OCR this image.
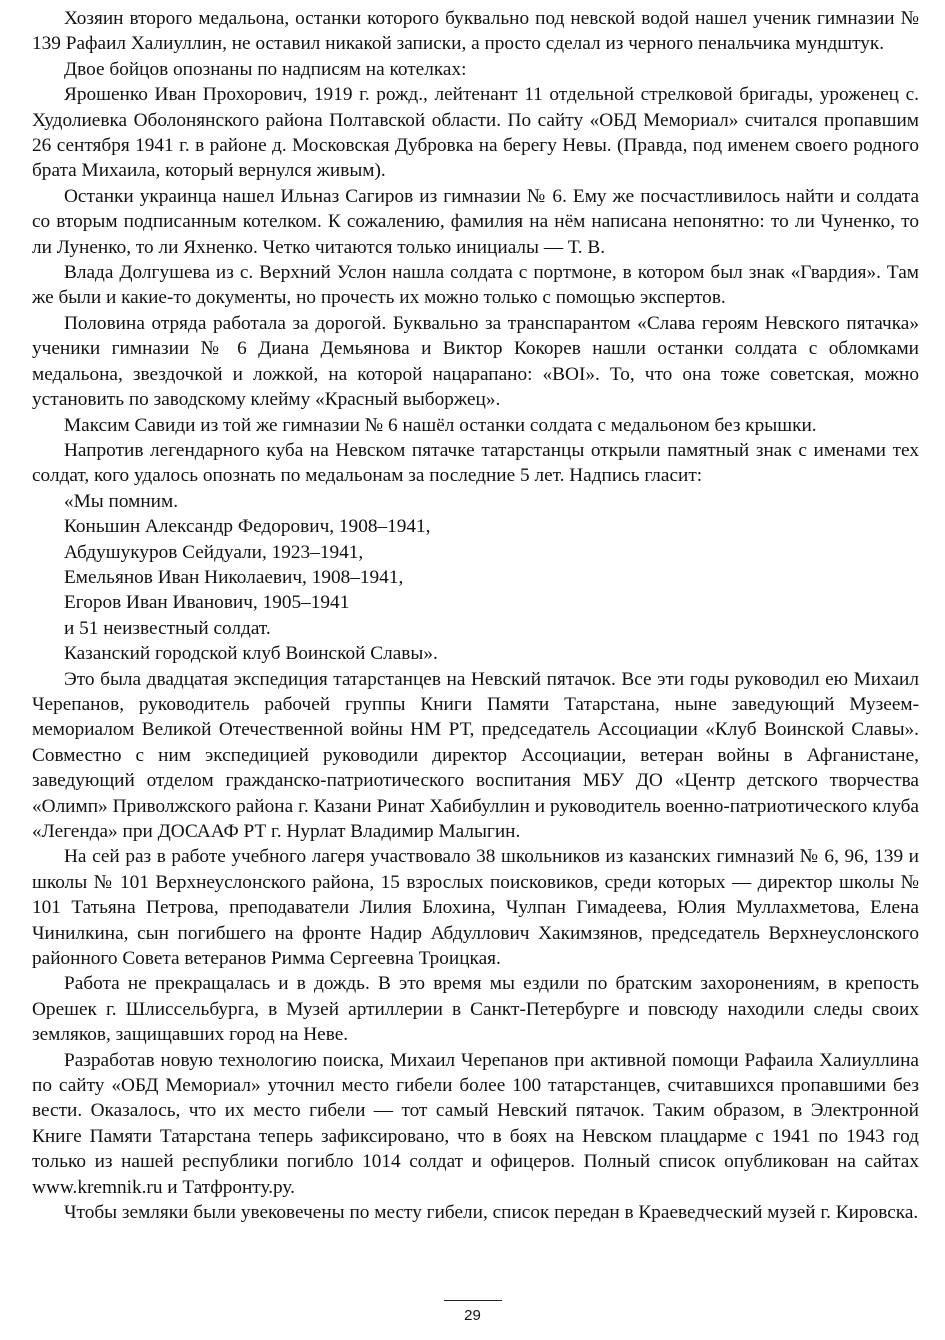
Хозяин второго медальона, останки которого буквально под невской водой нашел ученик гимназии № 139 Рафаил Халиуллин, не оставил никакой записки, а просто сделал из черного пенальчика мундштук.

Двое бойцов опознаны по надписям на котелках:

Ярошенко Иван Прохорович, 1919 г. рожд., лейтенант 11 отдельной стрелковой бригады, уроженец с. Худолиевка Оболонянского района Полтавской области. По сайту «ОБД Мемориал» считался пропавшим 26 сентября 1941 г. в районе д. Московская Дубровка на берегу Невы. (Правда, под именем своего родного брата Михаила, который вернулся живым).

Останки украинца нашел Ильназ Сагиров из гимназии № 6. Ему же посчастливилось найти и солдата со вторым подписанным котелком. К сожалению, фамилия на нём написана непонятно: то ли Чуненко, то ли Луненко, то ли Яхненко. Четко читаются только инициалы — Т. В.

Влада Долгушева из с. Верхний Услон нашла солдата с портмоне, в котором был знак «Гвардия». Там же были и какие-то документы, но прочесть их можно только с помощью экспертов.

Половина отряда работала за дорогой. Буквально за транспарантом «Слава героям Невского пятачка» ученики гимназии № 6 Диана Демьянова и Виктор Кокорев нашли останки солдата с обломками медальона, звездочкой и ложкой, на которой нацарапано: «ВОI». То, что она тоже советская, можно установить по заводскому клейму «Красный выборжец».

Максим Савиди из той же гимназии № 6 нашёл останки солдата с медальоном без крышки.

Напротив легендарного куба на Невском пятачке татарстанцы открыли памятный знак с именами тех солдат, кого удалось опознать по медальонам за последние 5 лет. Надпись гласит:

«Мы помним.

Коньшин Александр Федорович, 1908–1941,

Абдушукуров Сейдуали, 1923–1941,

Емельянов Иван Николаевич, 1908–1941,

Егоров Иван Иванович, 1905–1941

и 51 неизвестный солдат.

Казанский городской клуб Воинской Славы».

Это была двадцатая экспедиция татарстанцев на Невский пятачок. Все эти годы руководил ею Михаил Черепанов, руководитель рабочей группы Книги Памяти Татарстана, ныне заведующий Музеем-мемориалом Великой Отечественной войны НМ РТ, председатель Ассоциации «Клуб Воинской Славы». Совместно с ним экспедицией руководили директор Ассоциации, ветеран войны в Афганистане, заведующий отделом гражданско-патриотического воспитания МБУ ДО «Центр детского творчества «Олимп» Приволжского района г. Казани Ринат Хабибуллин и руководитель военно-патриотического клуба «Легенда» при ДОСААФ РТ г. Нурлат Владимир Малыгин.

На сей раз в работе учебного лагеря участвовало 38 школьников из казанских гимназий № 6, 96, 139 и школы № 101 Верхнеуслонского района, 15 взрослых поисковиков, среди которых — директор школы № 101 Татьяна Петрова, преподаватели Лилия Блохина, Чулпан Гимадеева, Юлия Муллахметова, Елена Чинилкина, сын погибшего на фронте Надир Абдуллович Хакимзянов, председатель Верхнеуслонского районного Совета ветеранов Римма Сергеевна Троицкая.

Работа не прекращалась и в дождь. В это время мы ездили по братским захоронениям, в крепость Орешек г. Шлиссельбурга, в Музей артиллерии в Санкт-Петербурге и повсюду находили следы своих земляков, защищавших город на Неве.

Разработав новую технологию поиска, Михаил Черепанов при активной помощи Рафаила Халиуллина по сайту «ОБД Мемориал» уточнил место гибели более 100 татарстанцев, считавшихся пропавшими без вести. Оказалось, что их место гибели — тот самый Невский пятачок. Таким образом, в Электронной Книге Памяти Татарстана теперь зафиксировано, что в боях на Невском плацдарме с 1941 по 1943 год только из нашей республики погибло 1014 солдат и офицеров. Полный список опубликован на сайтах www.kremnik.ru и Татфронту.ру.

Чтобы земляки были увековечены по месту гибели, список передан в Краеведческий музей г. Кировска.

29
